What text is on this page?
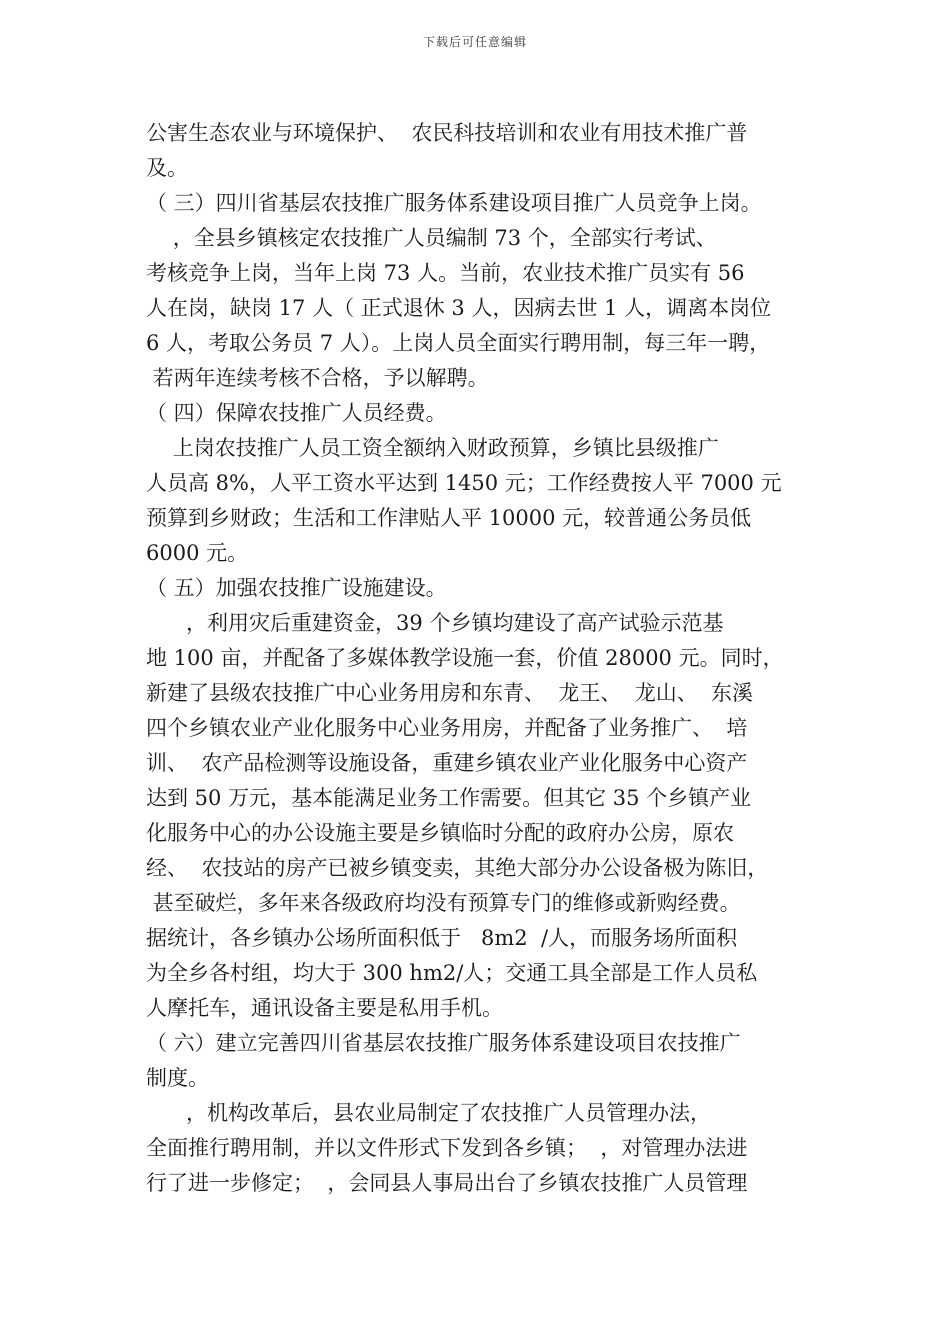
下载后可任意编辑
公害生态农业与环境保护、  农民科技培训和农业有用技术推广普
及。
（ 三）四川省基层农技推广服务体系建设项目推广人员竞争上岗。
，全县乡镇核定农技推广人员编制 73 个，全部实行考试、
考核竞争上岗，当年上岗 73 人。当前，农业技术推广员实有 56
人在岗，缺岗 17 人（ 正式退休 3 人，因病去世 1 人，调离本岗位
6 人，考取公务员 7 人）。上岗人员全面实行聘用制，每三年一聘，
若两年连续考核不合格，予以解聘。
（ 四）保障农技推广人员经费。
上岗农技推广人员工资全额纳入财政预算，乡镇比县级推广
人员高 8%，人平工资水平达到 1450 元；工作经费按人平 7000 元
预算到乡财政；生活和工作津贴人平 10000 元，较普通公务员低
6000 元。
（ 五）加强农技推广设施建设。
，利用灾后重建资金，39 个乡镇均建设了高产试验示范基
地 100 亩，并配备了多媒体教学设施一套，价值 28000 元。同时，
新建了县级农技推广中心业务用房和东青、  龙王、  龙山、  东溪
四个乡镇农业产业化服务中心业务用房，并配备了业务推广、  培
训、  农产品检测等设施设备，重建乡镇农业产业化服务中心资产
达到 50 万元，基本能满足业务工作需要。但其它 35 个乡镇产业
化服务中心的办公设施主要是乡镇临时分配的政府办公房，原农
经、  农技站的房产已被乡镇变卖，其绝大部分办公设备极为陈旧，
甚至破烂，多年来各级政府均没有预算专门的维修或新购经费。
据统计，各乡镇办公场所面积低于   8m2  /人，而服务场所面积
为全乡各村组，均大于 300 hm2/人；交通工具全部是工作人员私
人摩托车，通讯设备主要是私用手机。
（ 六）建立完善四川省基层农技推广服务体系建设项目农技推广
制度。
，机构改革后，县农业局制定了农技推广人员管理办法，
全面推行聘用制，并以文件形式下发到各乡镇；  ，对管理办法进
行了进一步修定；  ，会同县人事局出台了乡镇农技推广人员管理
